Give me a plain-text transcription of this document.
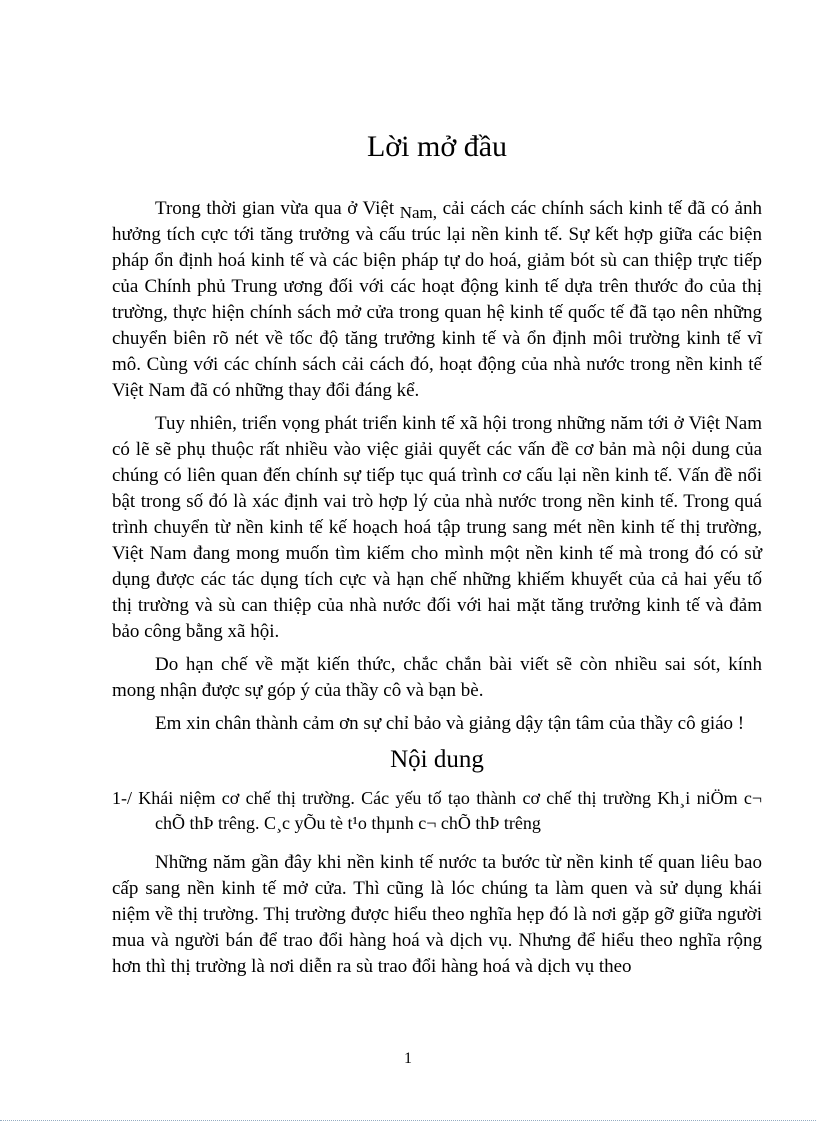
Lời mở đầu

Trong thời gian vừa qua ở Việt Nam, cải cách các chính sách kinh tế đã có ảnh hưởng tích cực tới tăng trưởng và cấu trúc lại nền kinh tế. Sự kết hợp giữa các biện pháp ổn định hoá kinh tế và các biện pháp tự do hoá, giảm bót sù can thiệp trực tiếp của Chính phủ Trung ương đối với các hoạt động kinh tế dựa trên thước đo của thị trường, thực hiện chính sách mở cửa trong quan hệ kinh tế quốc tế đã tạo nên những chuyển biên rõ nét về tốc độ tăng trưởng kinh tế và ổn định môi trường kinh tế vĩ mô. Cùng với các chính sách cải cách đó, hoạt động của nhà nước trong nền kinh tế Việt Nam đã có những thay đổi đáng kể.

Tuy nhiên, triển vọng phát triển kinh tế xã hội trong những năm tới ở Việt Nam có lẽ sẽ phụ thuộc rất nhiều vào việc giải quyết các vấn đề cơ bản mà nội dung của chúng có liên quan đến chính sự tiếp tục quá trình cơ cấu lại nền kinh tế. Vấn đề nổi bật trong số đó là xác định vai trò hợp lý của nhà nước trong nền kinh tế. Trong quá trình chuyển từ nền kinh tế kế hoạch hoá tập trung sang mét nền kinh tế thị trường, Việt Nam đang mong muốn tìm kiếm cho mình một nền kinh tế mà trong đó có sử dụng được các tác dụng tích cực và hạn chế những khiếm khuyết của cả hai yếu tố thị trường và sù can thiệp của nhà nước đối với hai mặt tăng trưởng kinh tế và đảm bảo công bằng xã hội.

Do hạn chế về mặt kiến thức, chắc chắn bài viết sẽ còn nhiều sai sót, kính mong nhận được sự góp ý của thầy cô và bạn bè.

Em xin chân thành cảm ơn sự chỉ bảo và giảng dậy tận tâm của thầy cô giáo !

Nội dung

1-/ Khái niệm cơ chế thị trường. Các yếu tố tạo thành cơ chế thị trường Kh¸i niÖm c¬ chÕ thÞ trêng. C¸c yÕu tè t¹o thµnh c¬ chÕ thÞ trêng

Những năm gần đây khi nền kinh tế nước ta bước từ nền kinh tế quan liêu bao cấp sang nền kinh tế mở cửa. Thì cũng là lóc chúng ta làm quen và sử dụng khái niệm về thị trường. Thị trường được hiểu theo nghĩa hẹp đó là nơi gặp gỡ giữa người mua và người bán để trao đổi hàng hoá và dịch vụ. Nhưng để hiểu theo nghĩa rộng hơn thì thị trường là nơi diễn ra sù trao đổi hàng hoá và dịch vụ theo

1
